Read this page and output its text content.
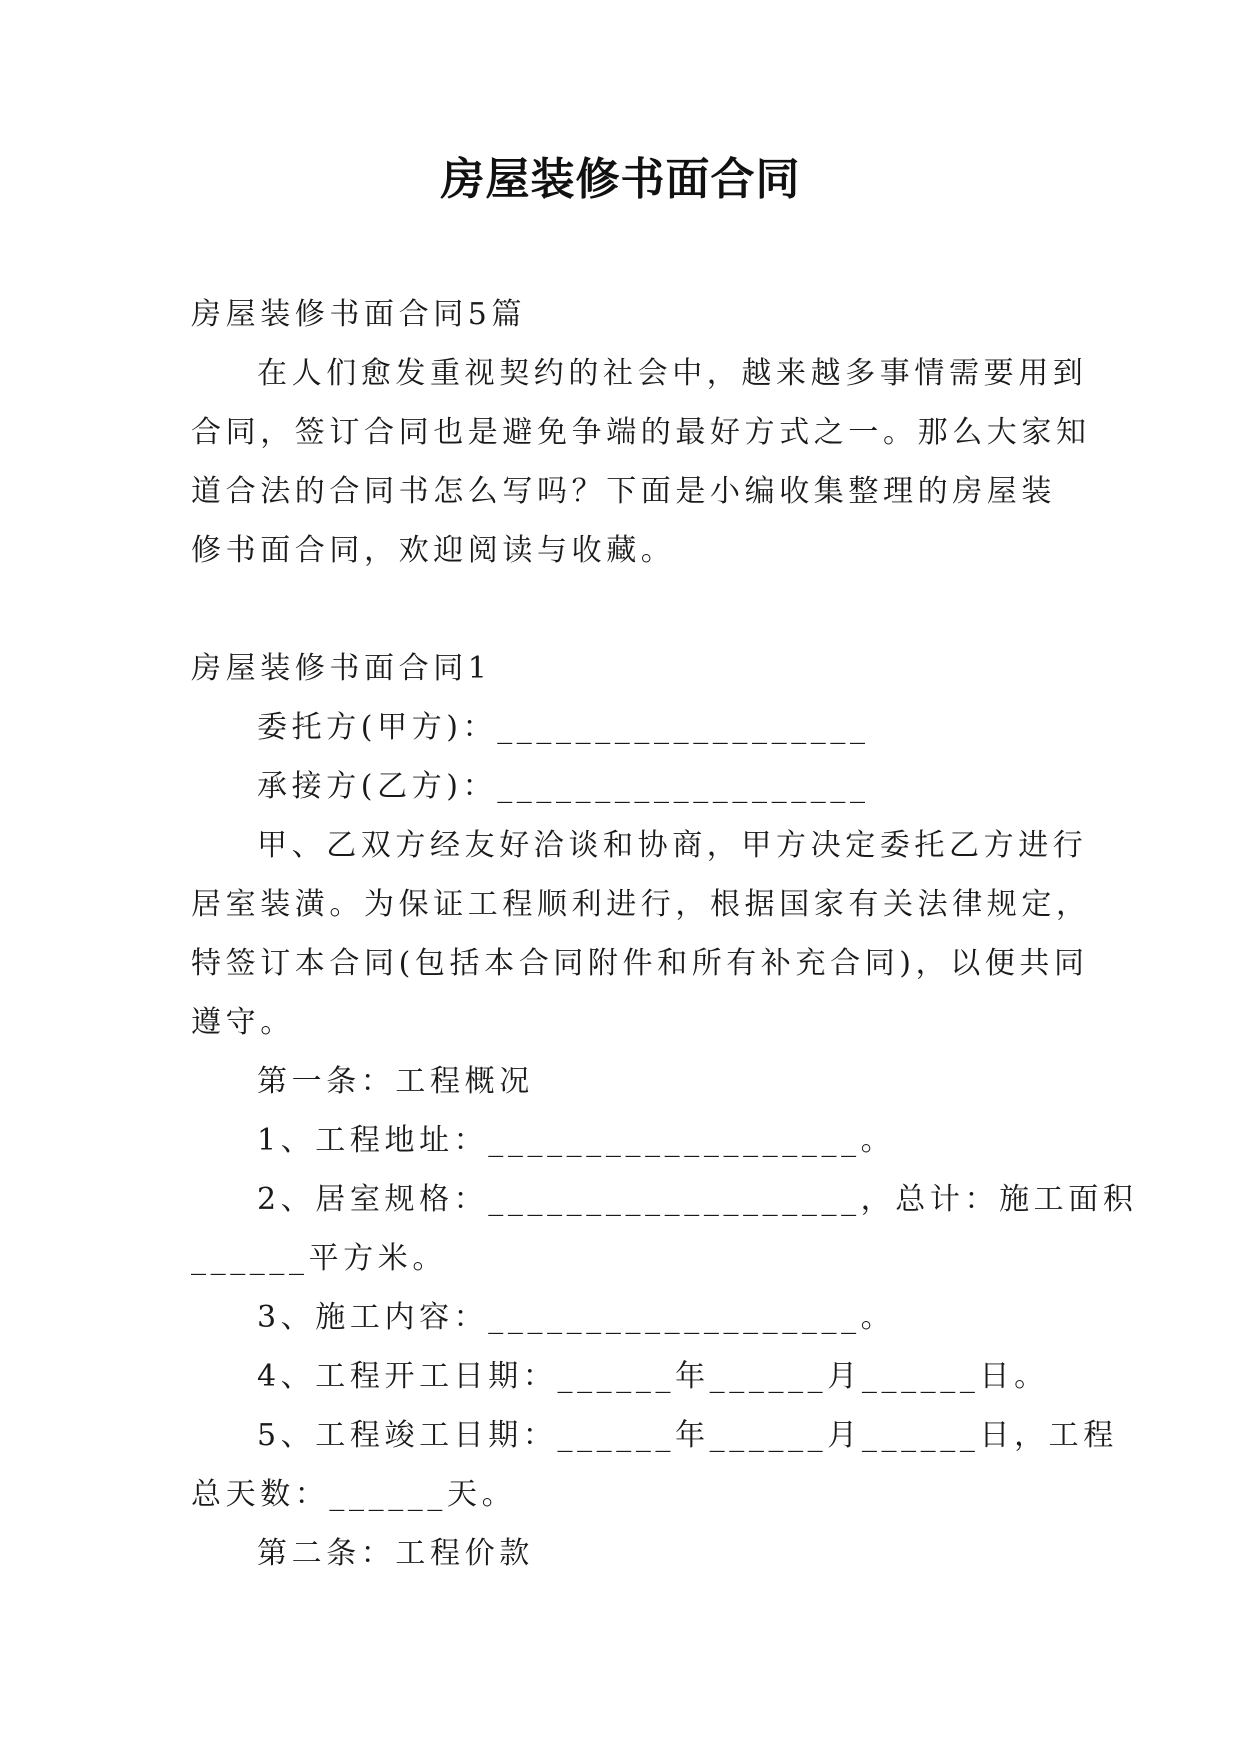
房屋装修书面合同
房屋装修书面合同5篇
在人们愈发重视契约的社会中，越来越多事情需要用到
合同，签订合同也是避免争端的最好方式之一。那么大家知
道合法的合同书怎么写吗？下面是小编收集整理的房屋装
修书面合同，欢迎阅读与收藏。
房屋装修书面合同1
委托方(甲方)：___________________
承接方(乙方)：___________________
甲、乙双方经友好洽谈和协商，甲方决定委托乙方进行
居室装潢。为保证工程顺利进行，根据国家有关法律规定，
特签订本合同(包括本合同附件和所有补充合同)，以便共同
遵守。
第一条：工程概况
1、工程地址：___________________。
2、居室规格：___________________，总计：施工面积
______平方米。
3、施工内容：___________________。
4、工程开工日期：______年______月______日。
5、工程竣工日期：______年______月______日，工程
总天数：______天。
第二条：工程价款
